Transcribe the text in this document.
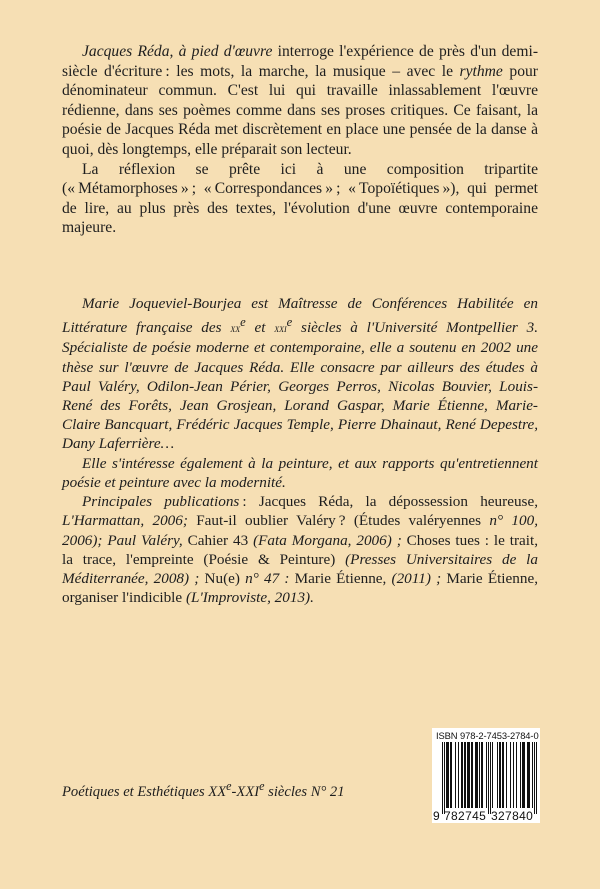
Jacques Réda, à pied d'œuvre interroge l'expérience de près d'un demi-siècle d'écriture : les mots, la marche, la musique – avec le rythme pour dénominateur commun. C'est lui qui travaille inlassablement l'œuvre rédienne, dans ses poèmes comme dans ses proses critiques. Ce faisant, la poésie de Jacques Réda met discrètement en place une pensée de la danse à quoi, dès longtemps, elle préparait son lecteur.

La réflexion se prête ici à une composition tripartite (« Métamorphoses » ; « Correspondances » ; « Topoïétiques »), qui permet de lire, au plus près des textes, l'évolution d'une œuvre contemporaine majeure.

Marie Joqueviel-Bourjea est Maîtresse de Conférences Habilitée en Littérature française des $xx^e$ et xxi$^e$ siècles à l'Université Montpellier 3. Spécialiste de poésie moderne et contemporaine, elle a soutenu en 2002 une thèse sur l'œuvre de Jacques Réda. Elle consacre par ailleurs des études à Paul Valéry, Odilon-Jean Périer, Georges Perros, Nicolas Bouvier, Louis-René des Forêts, Jean Grosjean, Lorand Gaspar, Marie Étienne, Marie-Claire Bancquart, Frédéric Jacques Temple, Pierre Dhainaut, René Depestre, Dany Laferrière…

Elle s'intéresse également à la peinture, et aux rapports qu'entretiennent poésie et peinture avec la modernité.

Principales publications : Jacques Réda, la dépossession heureuse, L'Harmattan, 2006; Faut-il oublier Valéry ? (Études valéryennes n° 100, 2006); Paul Valéry, Cahier 43 (Fata Morgana, 2006) ; Choses tues : le trait, la trace, l'empreinte (Poésie & Peinture) (Presses Universitaires de la Méditerranée, 2008) ; Nu(e) n° 47 : Marie Étienne, (2011) ; Marie Étienne, organiser l'indicible (L'Improviste, 2013).

Poétiques et Esthétiques XXe-XXIe siècles N° 21
ISBN 978-2-7453-2784-0
9 782745 327840
